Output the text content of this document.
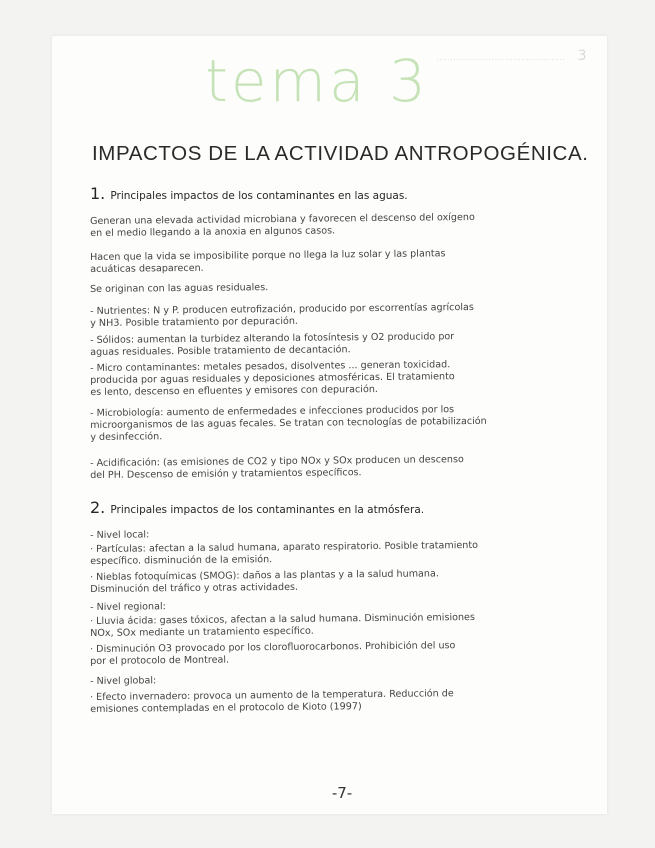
............................................... 3
tema 3
IMPACTOS DE LA ACTIVIDAD ANTROPOGÉNICA.
1. Principales impactos de los contaminantes en las aguas.
Generan una elevada actividad microbiana y favorecen el descenso del oxígeno
en el medio llegando a la anoxia en algunos casos.
Hacen que la vida se imposibilite porque no llega la luz solar y las plantas
acuáticas desaparecen.
Se originan con las aguas residuales.
- Nutrientes: N y P. producen eutrofización, producido por escorrentías agrícolas
y NH3. Posible tratamiento por depuración.
- Sólidos: aumentan la turbidez alterando la fotosíntesis y O2 producido por
aguas residuales. Posible tratamiento de decantación.
- Micro contaminantes: metales pesados, disolventes ... generan toxicidad.
producida por aguas residuales y deposiciones atmosféricas. El tratamiento
es lento, descenso en efluentes y emisores con depuración.
- Microbiología: aumento de enfermedades e infecciones producidos por los
microorganismos de las aguas fecales. Se tratan con tecnologías de potabilización
y desinfección.
- Acidificación: (as emisiones de CO2 y tipo NOx y SOx producen un descenso
del PH. Descenso de emisión y tratamientos específicos.
2. Principales impactos de los contaminantes en la atmósfera.
- Nivel local:
· Partículas: afectan a la salud humana, aparato respiratorio. Posible tratamiento
específico. disminución de la emisión.
· Nieblas fotoquímicas (SMOG): daños a las plantas y a la salud humana.
Disminución del tráfico y otras actividades.
- Nivel regional:
· Lluvia ácida: gases tóxicos, afectan a la salud humana. Disminución emisiones
NOx, SOx mediante un tratamiento específico.
· Disminución O3 provocado por los clorofluorocarbonos. Prohibición del uso
por el protocolo de Montreal.
- Nivel global:
· Efecto invernadero: provoca un aumento de la temperatura. Reducción de
emisiones contempladas en el protocolo de Kioto (1997)
-7-
